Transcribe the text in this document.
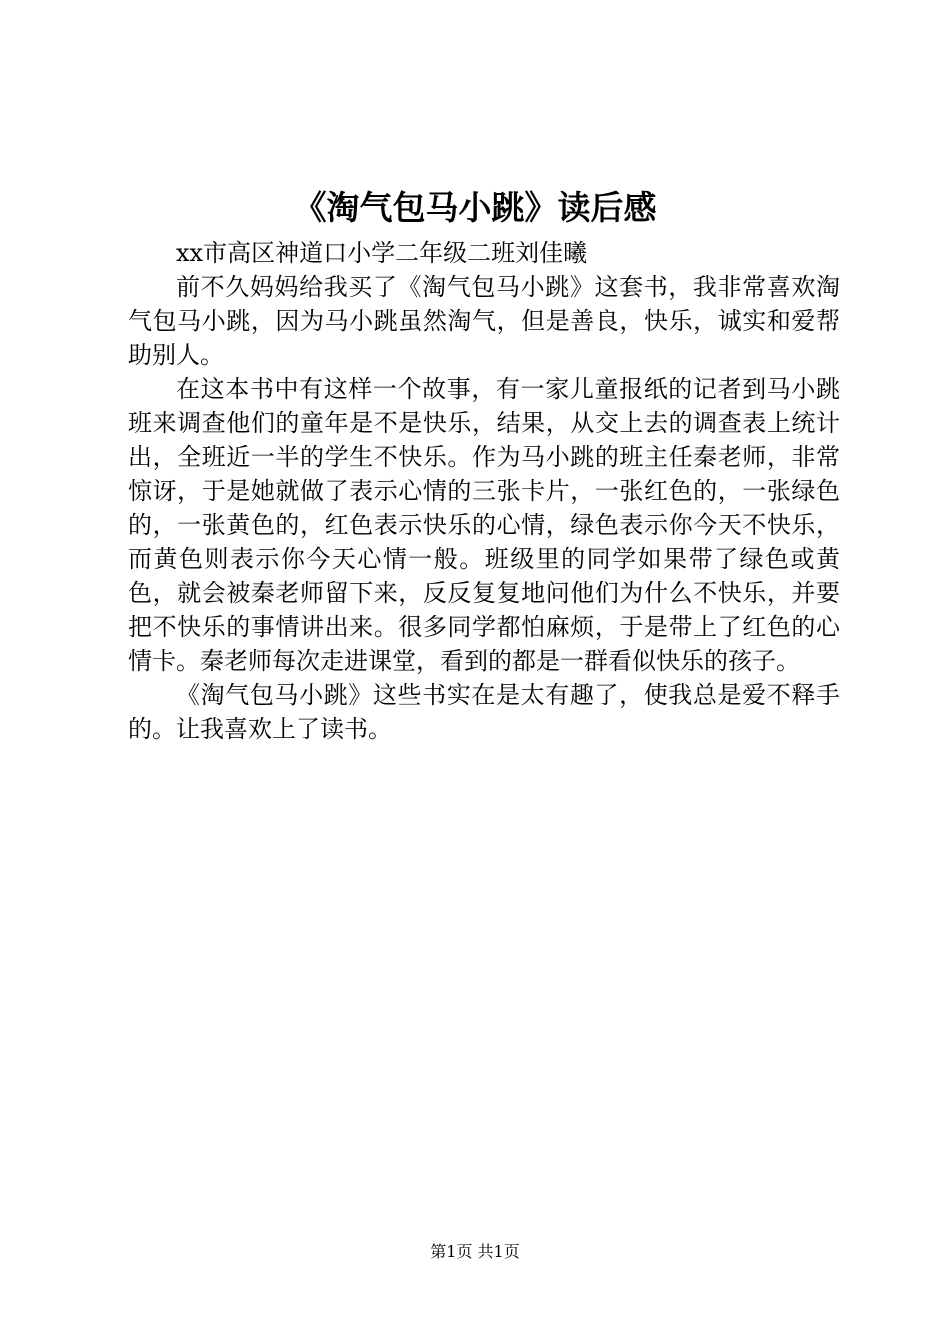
《淘气包马小跳》读后感

xx市高区神道口小学二年级二班刘佳曦

前不久妈妈给我买了《淘气包马小跳》这套书，我非常喜欢淘气包马小跳，因为马小跳虽然淘气，但是善良，快乐，诚实和爱帮助别人。

在这本书中有这样一个故事，有一家儿童报纸的记者到马小跳班来调查他们的童年是不是快乐，结果，从交上去的调查表上统计出，全班近一半的学生不快乐。作为马小跳的班主任秦老师，非常惊讶，于是她就做了表示心情的三张卡片，一张红色的，一张绿色的，一张黄色的，红色表示快乐的心情，绿色表示你今天不快乐，而黄色则表示你今天心情一般。班级里的同学如果带了绿色或黄色，就会被秦老师留下来，反反复复地问他们为什么不快乐，并要把不快乐的事情讲出来。很多同学都怕麻烦，于是带上了红色的心情卡。秦老师每次走进课堂，看到的都是一群看似快乐的孩子。

《淘气包马小跳》这些书实在是太有趣了，使我总是爱不释手的。让我喜欢上了读书。

第1页 共1页
